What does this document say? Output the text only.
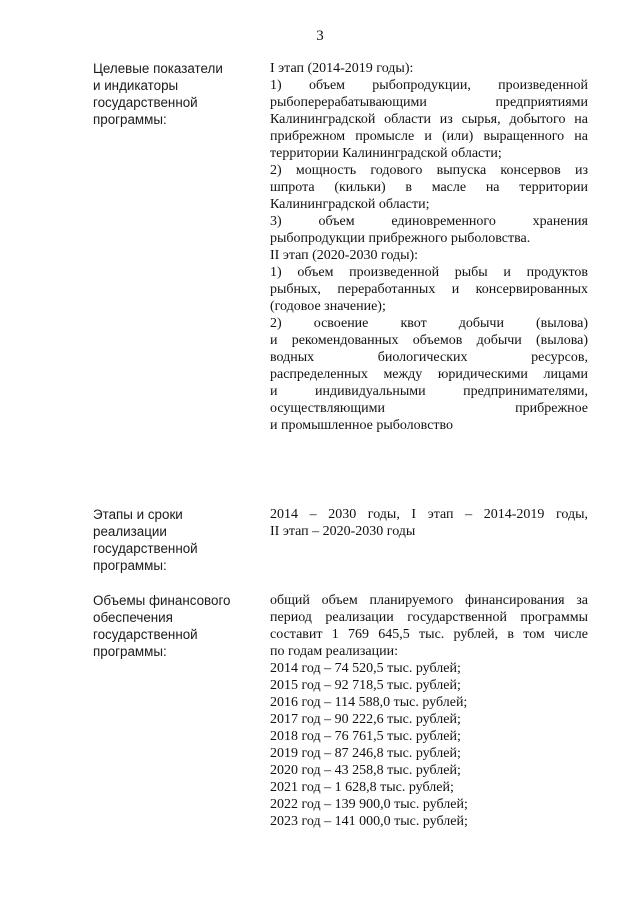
3
Целевые показатели
и индикаторы
государственной
программы:
I этап (2014-2019 годы):
1) объем рыбопродукции, произведенной
рыбоперерабатывающими предприятиями
Калининградской области из сырья, добытого на
прибрежном промысле и (или) выращенного на
территории Калининградской области;
2) мощность годового выпуска консервов из
шпрота (кильки) в масле на территории
Калининградской области;
3) объем единовременного хранения
рыбопродукции прибрежного рыболовства.
II этап (2020-2030 годы):
1) объем произведенной рыбы и продуктов
рыбных, переработанных и консервированных
(годовое значение);
2) освоение квот добычи (вылова)
и рекомендованных объемов добычи (вылова)
водных биологических ресурсов,
распределенных между юридическими лицами
и индивидуальными предпринимателями,
осуществляющими прибрежное
и промышленное рыболовство
Этапы и сроки
реализации
государственной
программы:
2014 – 2030 годы, I этап – 2014-2019 годы,
II этап – 2020-2030 годы
Объемы финансового
обеспечения
государственной
программы:
общий объем планируемого финансирования за
период реализации государственной программы
составит 1 769 645,5 тыс. рублей, в том числе
по годам реализации:
2014 год – 74 520,5 тыс. рублей;
2015 год – 92 718,5 тыс. рублей;
2016 год – 114 588,0 тыс. рублей;
2017 год – 90 222,6 тыс. рублей;
2018 год – 76 761,5 тыс. рублей;
2019 год – 87 246,8 тыс. рублей;
2020 год – 43 258,8 тыс. рублей;
2021 год – 1 628,8 тыс. рублей;
2022 год – 139 900,0 тыс. рублей;
2023 год – 141 000,0 тыс. рублей;
